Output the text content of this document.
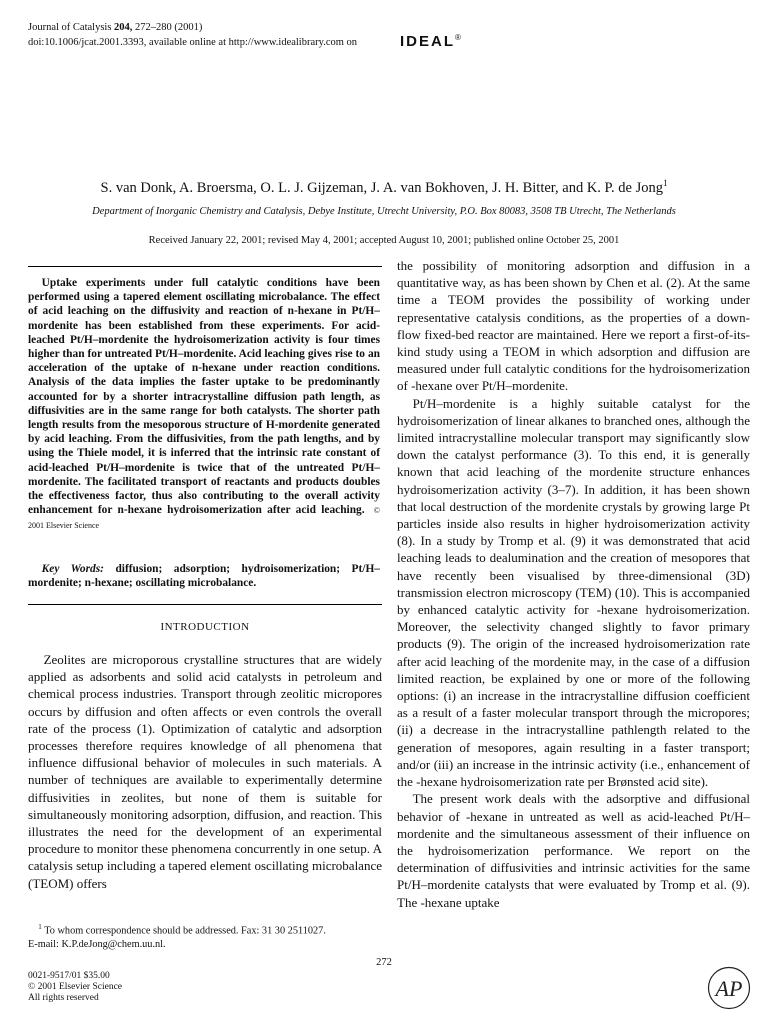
Journal of Catalysis 204, 272–280 (2001)
doi:10.1006/jcat.2001.3393, available online at http://www.idealibrary.com on	IDEAL®
S. van Donk, A. Broersma, O. L. J. Gijzeman, J. A. van Bokhoven, J. H. Bitter, and K. P. de Jong$^1$
Department of Inorganic Chemistry and Catalysis, Debye Institute, Utrecht University, P.O. Box 80083, 3508 TB Utrecht, The Netherlands
Received January 22, 2001; revised May 4, 2001; accepted August 10, 2001; published online October 25, 2001
Uptake experiments under full catalytic conditions have been performed using a tapered element oscillating microbalance. The effect of acid leaching on the diffusivity and reaction of n-hexane in Pt/H–mordenite has been established from these experiments. For acid-leached Pt/H–mordenite the hydroisomerization activity is four times higher than for untreated Pt/H–mordenite. Acid leaching gives rise to an acceleration of the uptake of n-hexane under reaction conditions. Analysis of the data implies the faster uptake to be predominantly accounted for by a shorter intracrystalline diffusion path length, as diffusivities are in the same range for both catalysts. The shorter path length results from the mesoporous structure of H-mordenite generated by acid leaching. From the diffusivities, from the path lengths, and by using the Thiele model, it is inferred that the intrinsic rate constant of acid-leached Pt/H–mordenite is twice that of the untreated Pt/H–mordenite. The facilitated transport of reactants and products doubles the effectiveness factor, thus also contributing to the overall activity enhancement for n-hexane hydroisomerization after acid leaching. © 2001 Elsevier Science
Key Words: diffusion; adsorption; hydroisomerization; Pt/H–mordenite; n-hexane; oscillating microbalance.
INTRODUCTION

Zeolites are microporous crystalline structures that are widely applied as adsorbents and solid acid catalysts in petroleum and chemical process industries. Transport through zeolitic micropores occurs by diffusion and often affects or even controls the overall rate of the process (1). Optimization of catalytic and adsorption processes therefore requires knowledge of all phenomena that influence diffusional behavior of molecules in such materials. A number of techniques are available to experimentally determine diffusivities in zeolites, but none of them is suitable for simultaneously monitoring adsorption, diffusion, and reaction. This illustrates the need for the development of an experimental procedure to monitor these phenomena concurrently in one setup. A catalysis setup including a tapered element oscillating microbalance (TEOM) offers

the possibility of monitoring adsorption and diffusion in a quantitative way, as has been shown by Chen et al. (2). At the same time a TEOM provides the possibility of working under representative catalysis conditions, as the properties of a down-flow fixed-bed reactor are maintained. Here we report a first-of-its-kind study using a TEOM in which adsorption and diffusion are measured under full catalytic conditions for the hydroisomerization of -hexane over Pt/H–mordenite.

Pt/H–mordenite is a highly suitable catalyst for the hydroisomerization of linear alkanes to branched ones, although the limited intracrystalline molecular transport may significantly slow down the catalyst performance (3). To this end, it is generally known that acid leaching of the mordenite structure enhances hydroisomerization activity (3–7). In addition, it has been shown that local destruction of the mordenite crystals by growing large Pt particles inside also results in higher hydroisomerization activity (8). In a study by Tromp et al. (9) it was demonstrated that acid leaching leads to dealumination and the creation of mesopores that have recently been visualised by three-dimensional (3D) transmission electron microscopy (TEM) (10). This is accompanied by enhanced catalytic activity for -hexane hydroisomerization. Moreover, the selectivity changed slightly to favor primary products (9). The origin of the increased hydroisomerization rate after acid leaching of the mordenite may, in the case of a diffusion limited reaction, be explained by one or more of the following options: (i) an increase in the intracrystalline diffusion coefficient as a result of a faster molecular transport through the micropores; (ii) a decrease in the intracrystalline pathlength related to the generation of mesopores, again resulting in a faster transport; and/or (iii) an increase in the intrinsic activity (i.e., enhancement of the -hexane hydroisomerization rate per Brønsted acid site).

The present work deals with the adsorptive and diffusional behavior of -hexane in untreated as well as acid-leached Pt/H–mordenite and the simultaneous assessment of their influence on the hydroisomerization performance. We report on the determination of diffusivities and intrinsic activities for the same Pt/H–mordenite catalysts that were evaluated by Tromp et al. (9). The -hexane uptake

$^1$ To whom correspondence should be addressed. Fax: 31 30 2511027.

E-mail: K.P.deJong@chem.uu.nl.

272
0021-9517/01 $35.00
© 2001 Elsevier Science
All rights reserved	AP
